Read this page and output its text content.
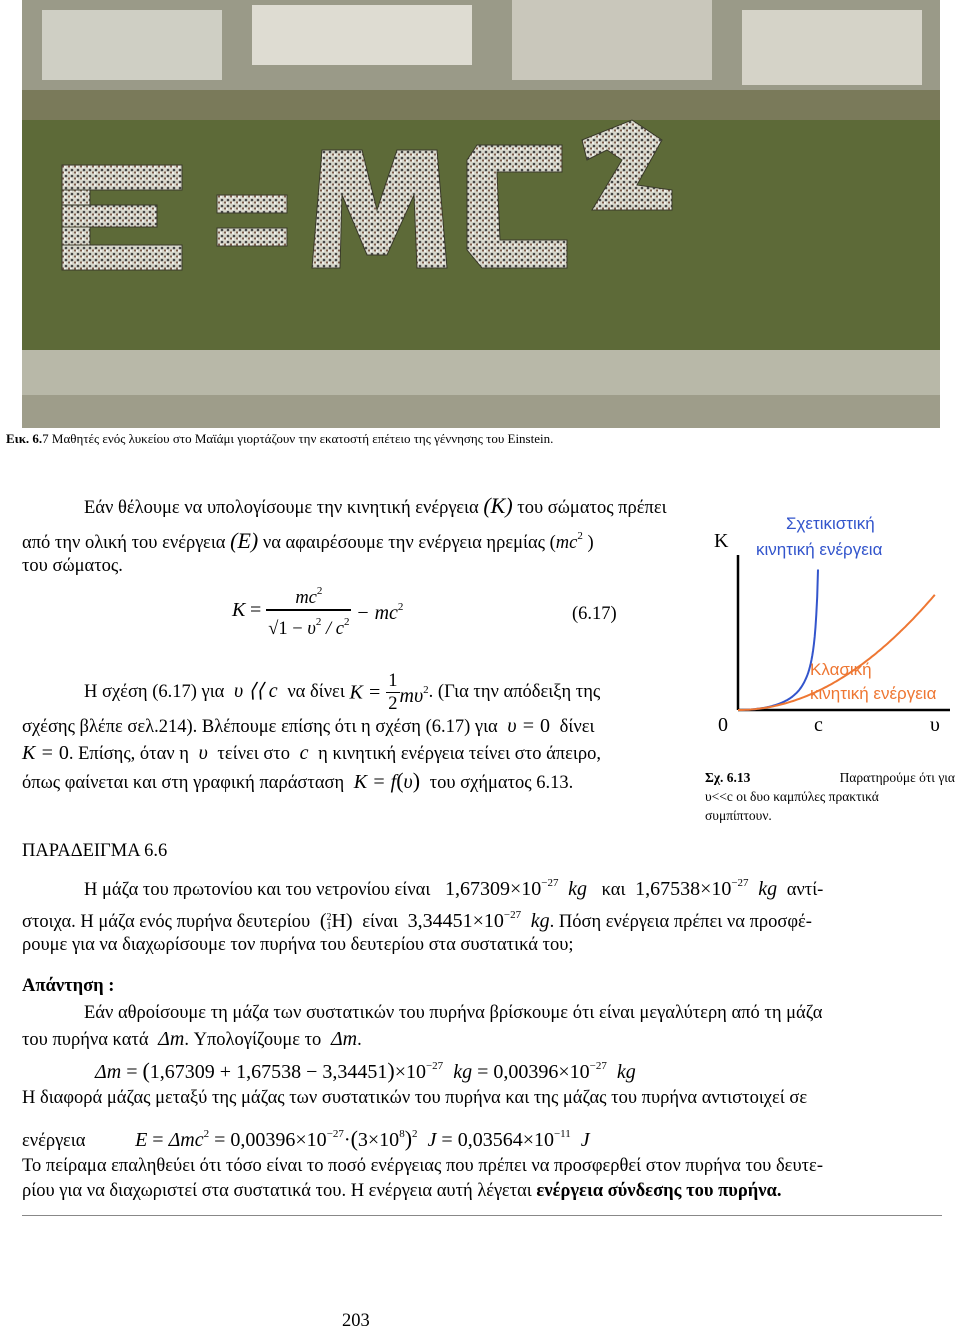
Εικ. 6.7 Μαθητές ενός λυκείου στο Μαϊάμι γιορτάζουν την εκατοστή επέτειο της γέννησης του Einstein.
Εάν θέλουμε να υπολογίσουμε την κινητική ενέργεια (K) του σώματος πρέπει
από την ολική του ενέργεια (E) να αφαιρέσουμε την ενέργεια ηρεμίας ($mc^2$ )
του σώματος.
$K = \frac{mc^2}{√1 - \upsilon^2 / c^2} - mc^2$	(6.17)
Η σχέση (6.17) για  υ ⟨⟨ c  να δίνει $K = \frac{1}{2} m\upsilon^2$. (Για την απόδειξη της
σχέσης βλέπε σελ.214). Βλέπουμε επίσης ότι η σχέση (6.17) για  υ = 0 δίνει
K = 0. Επίσης, όταν η  υ  τείνει στο  c  η κινητική ενέργεια τείνει στο άπειρο,
όπως φαίνεται και στη γραφική παράσταση  K = f(υ) του σχήματος 6.13.
K
0	c	υ
Σχετικιστική
κινητική ενέργεια
Κλασική
κινητική ενέργεια
Σχ. 6.13	Παρατηρούμε ότι για
υ<<c οι δυο καμπύλες πρακτικά
συμπίπτουν.
ΠΑΡΑΔΕΙΓΜΑ 6.6
Η μάζα του πρωτονίου και του νετρονίου είναι $1,67309\times 10^{-27}$ kg και $1,67538\times 10^{-27}$ kg αντί-
στοιχα. Η μάζα ενός πυρήνα δευτερίου  (2
1H)  είναι $3,34451\times 10^{-27}$ kg. Πόση ενέργεια πρέπει να προσφέ-
ρουμε για να διαχωρίσουμε τον πυρήνα του δευτερίου στα συστατικά του;
Απάντηση :
Εάν αθροίσουμε τη μάζα των συστατικών του πυρήνα βρίσκουμε ότι είναι μεγαλύτερη από τη μάζα
του πυρήνα κατά  Δm. Υπολογίζουμε το  Δm.
$\Delta m = (1,67309 + 1,67538 - 3,34451)\times 10^{-27}$ kg = $0,00396\times 10^{-27}$ kg
Η διαφορά μάζας μεταξύ της μάζας των συστατικών του πυρήνα και της μάζας του πυρήνα αντιστοιχεί σε
ενέργεια $E = \Delta mc^2 = 0,00396\times 10^{-27}\cdot(3\times 10^8)^2$  $J = 0,03564\times 10^{-11}$ J
Το πείραμα επαληθεύει ότι τόσο είναι το ποσό ενέργειας που πρέπει να προσφερθεί στον πυρήνα του δευτε-
ρίου για να διαχωριστεί στα συστατικά του. Η ενέργεια αυτή λέγεται ενέργεια σύνδεσης του πυρήνα.
203
